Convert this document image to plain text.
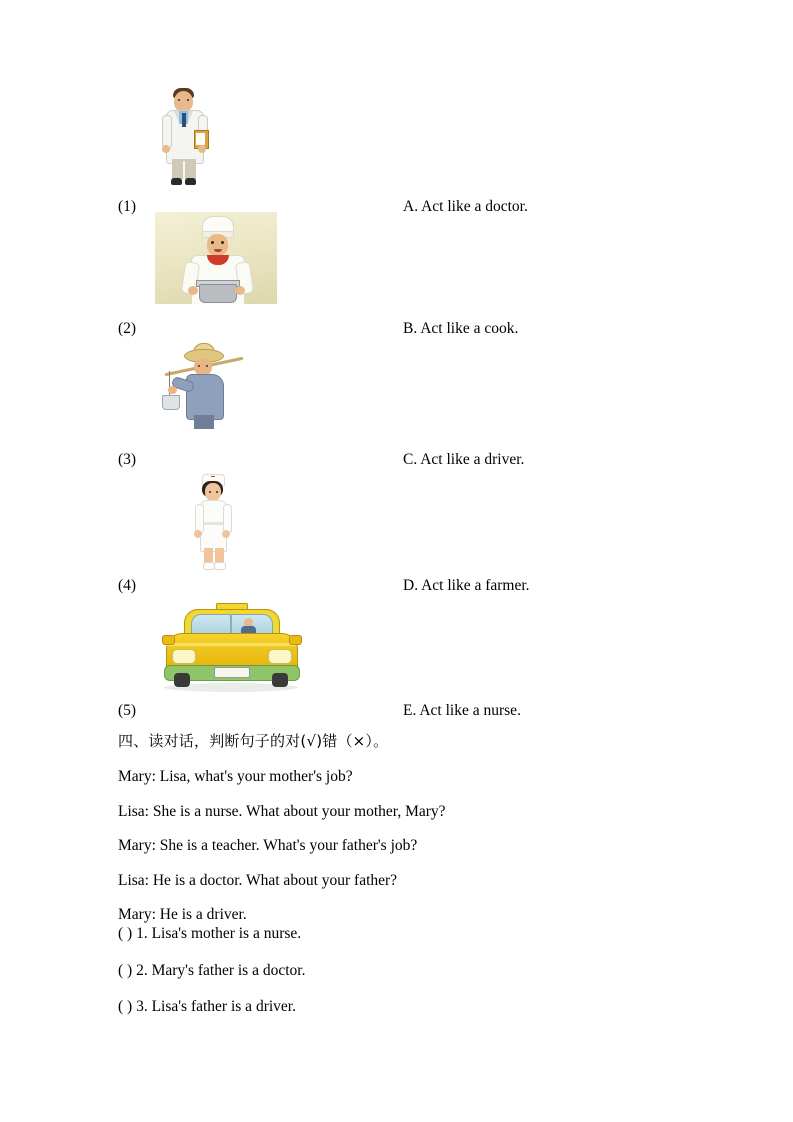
(1)	A. Act like a doctor.
(2)	B. Act like a cook.
(3)	C. Act like a driver.
(4)	D. Act like a farmer.
(5)	E. Act like a nurse.
四、读对话，判断句子的对(√)错（×）。

Mary: Lisa, what's your mother's job?

Lisa: She is a nurse. What about your mother, Mary?

Mary: She is a teacher. What's your father's job?

Lisa: He is a doctor. What about your father?

Mary: He is a driver.

( ) 1. Lisa's mother is a nurse.

( ) 2. Mary's father is a doctor.

( ) 3. Lisa's father is a driver.
